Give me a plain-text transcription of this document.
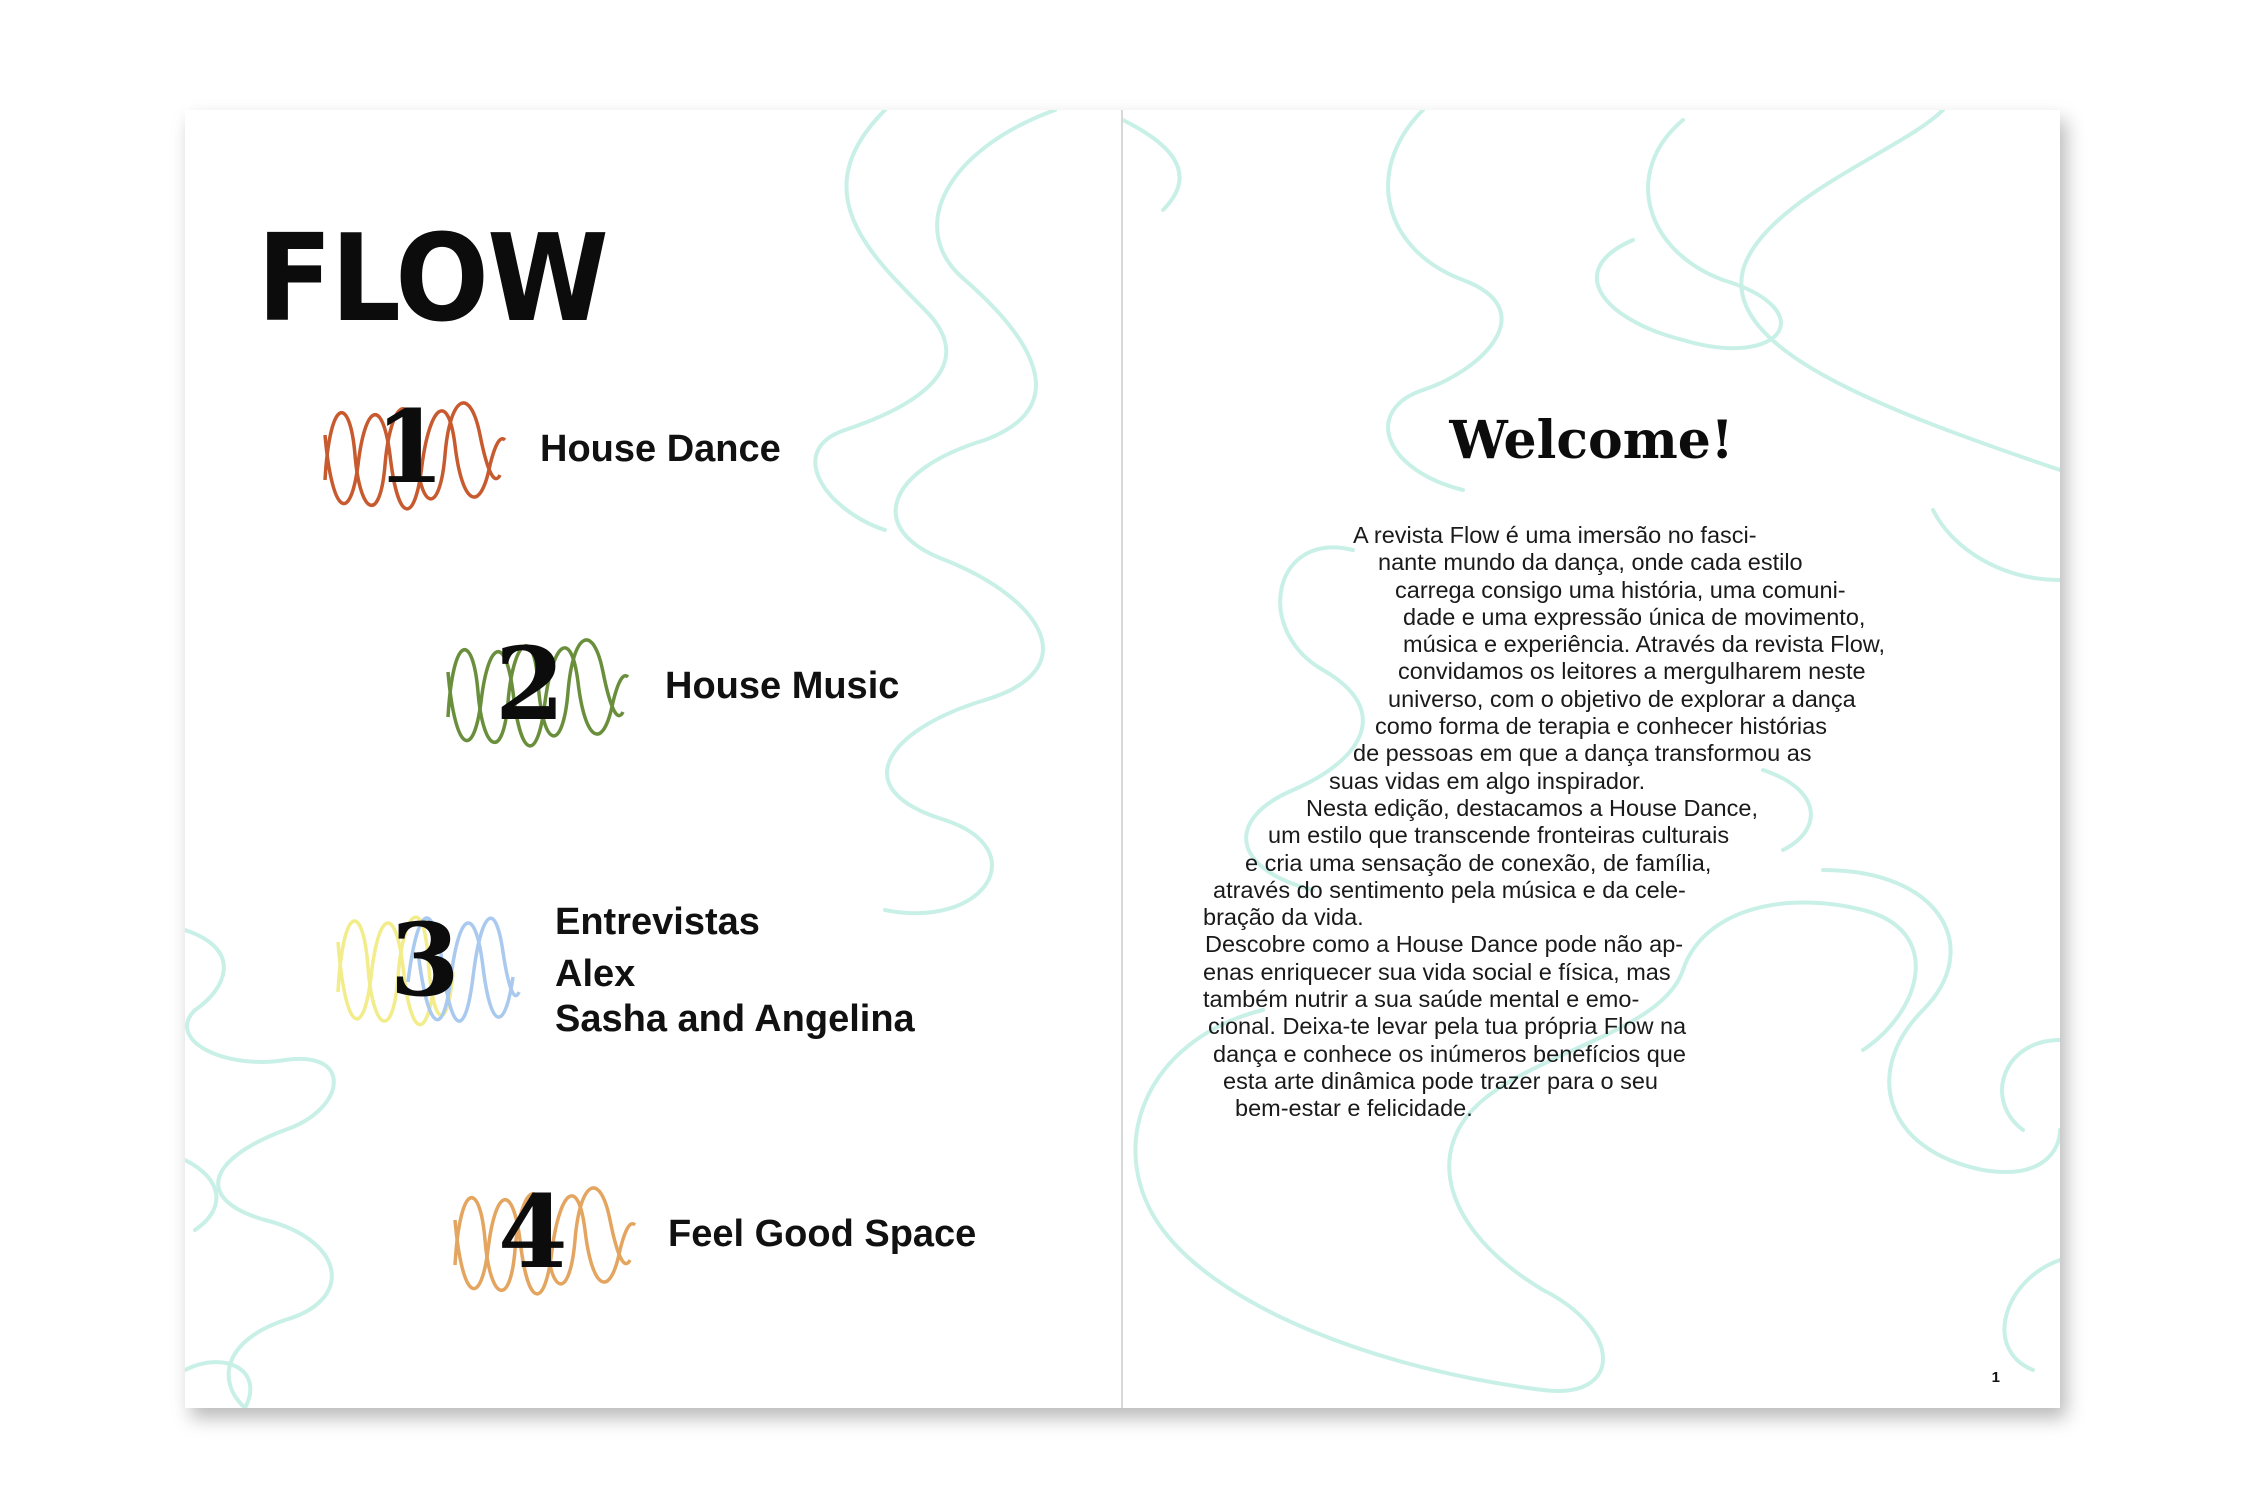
FLOW
1	House Dance
2	House Music
3	Entrevistas
Alex
Sasha and Angelina
4	Feel Good Space
Welcome!
A revista Flow é uma imersão no fasci-
nante mundo da dança, onde cada estilo
carrega consigo uma história, uma comuni-
dade e uma expressão única de movimento,
música e experiência. Através da revista Flow,
convidamos os leitores a mergulharem neste
universo, com o objetivo de explorar a dança
como forma de terapia e conhecer histórias
de pessoas em que a dança transformou as
suas vidas em algo inspirador.
Nesta edição, destacamos a House Dance,
um estilo que transcende fronteiras culturais
e cria uma sensação de conexão, de família,
através do sentimento pela música e da cele-
bração da vida.
Descobre como a House Dance pode não ap-
enas enriquecer sua vida social e física, mas
também nutrir a sua saúde mental e emo-
cional. Deixa-te levar pela tua própria Flow na
dança e conhece os inúmeros benefícios que
esta arte dinâmica pode trazer para o seu
bem-estar e felicidade.
1
